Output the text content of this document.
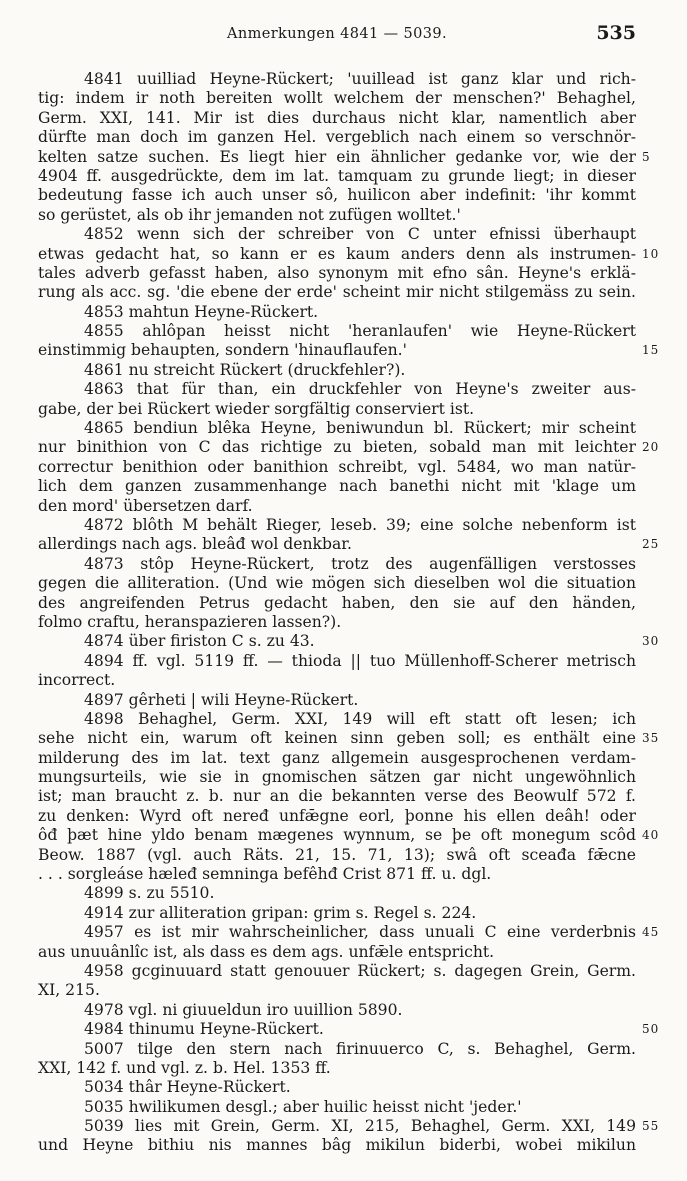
Anmerkungen 4841 — 5039.	535
4841 uuilliad Heyne-Rückert; 'uuillead ist ganz klar und rich-
tig: indem ir noth bereiten wollt welchem der menschen?' Behaghel,
Germ. XXI, 141. Mir ist dies durchaus nicht klar, namentlich aber
dürfte man doch im ganzen Hel. vergeblich nach einem so verschnör-
kelten satze suchen. Es liegt hier ein ähnlicher gedanke vor, wie der 5
4904 ff. ausgedrückte, dem im lat. tamquam zu grunde liegt; in dieser
bedeutung fasse ich auch unser sô, huilicon aber indefinit: 'ihr kommt
so gerüstet, als ob ihr jemanden not zufügen wolltet.'
4852 wenn sich der schreiber von C unter efnissi überhaupt
etwas gedacht hat, so kann er es kaum anders denn als instrumen- 10
tales adverb gefasst haben, also synonym mit efno sân. Heyne's erklä-
rung als acc. sg. 'die ebene der erde' scheint mir nicht stilgemäss zu sein.
4853 mahtun Heyne-Rückert.
4855 ahlôpan heisst nicht 'heranlaufen' wie Heyne-Rückert
einstimmig behaupten, sondern 'hinauflaufen.'	15
4861 nu streicht Rückert (druckfehler?).
4863 that für than, ein druckfehler von Heyne's zweiter aus-
gabe, der bei Rückert wieder sorgfältig conserviert ist.
4865 bendiun blêka Heyne, beniwundun bl. Rückert; mir scheint
nur binithion von C das richtige zu bieten, sobald man mit leichter 20
correctur benithion oder banithion schreibt, vgl. 5484, wo man natür-
lich dem ganzen zusammenhange nach banethi nicht mit 'klage um
den mord' übersetzen darf.
4872 blôth M behält Rieger, leseb. 39; eine solche nebenform ist
allerdings nach ags. bleâđ wol denkbar.	25
4873 stôp Heyne-Rückert, trotz des augenfälligen verstosses
gegen die alliteration. (Und wie mögen sich dieselben wol die situation
des angreifenden Petrus gedacht haben, den sie auf den händen,
folmo craftu, heranspazieren lassen?).
4874 über firiston C s. zu 43.	30
4894 ff. vgl. 5119 ff. — thioda || tuo Müllenhoff-Scherer metrisch
incorrect.
4897 gêrheti | wili Heyne-Rückert.
4898 Behaghel, Germ. XXI, 149 will eft statt oft lesen; ich
sehe nicht ein, warum oft keinen sinn geben soll; es enthält eine 35
milderung des im lat. text ganz allgemein ausgesprochenen verdam-
mungsurteils, wie sie in gnomischen sätzen gar nicht ungewöhnlich
ist; man braucht z. b. nur an die bekannten verse des Beowulf 572 f.
zu denken: Wyrd oft neređ unfǣgne eorl, þonne his ellen deâh! oder
ôđ þæt hine yldo benam mægenes wynnum, se þe oft monegum scôd 40
Beow. 1887 (vgl. auch Räts. 21, 15. 71, 13); swâ oft sceađa fǣcne
. . . sorgleáse hæleđ semninga befêhđ Crist 871 ff. u. dgl.
4899 s. zu 5510.
4914 zur alliteration gripan: grim s. Regel s. 224.
4957 es ist mir wahrscheinlicher, dass unuali C eine verderbnis 45
aus unuuânlîc ist, als dass es dem ags. unfǣle entspricht.
4958 gcginuuard statt genouuer Rückert; s. dagegen Grein, Germ.
XI, 215.
4978 vgl. ni giuueldun iro uuillion 5890.
4984 thinumu Heyne-Rückert.	50
5007 tilge den stern nach firinuuerco C, s. Behaghel, Germ.
XXI, 142 f. und vgl. z. b. Hel. 1353 ff.
5034 thâr Heyne-Rückert.
5035 hwilikumen desgl.; aber huilic heisst nicht 'jeder.'
5039 lies mit Grein, Germ. XI, 215, Behaghel, Germ. XXI, 149 55
und Heyne bithiu nis mannes bâg mikilun biderbi, wobei mikilun
